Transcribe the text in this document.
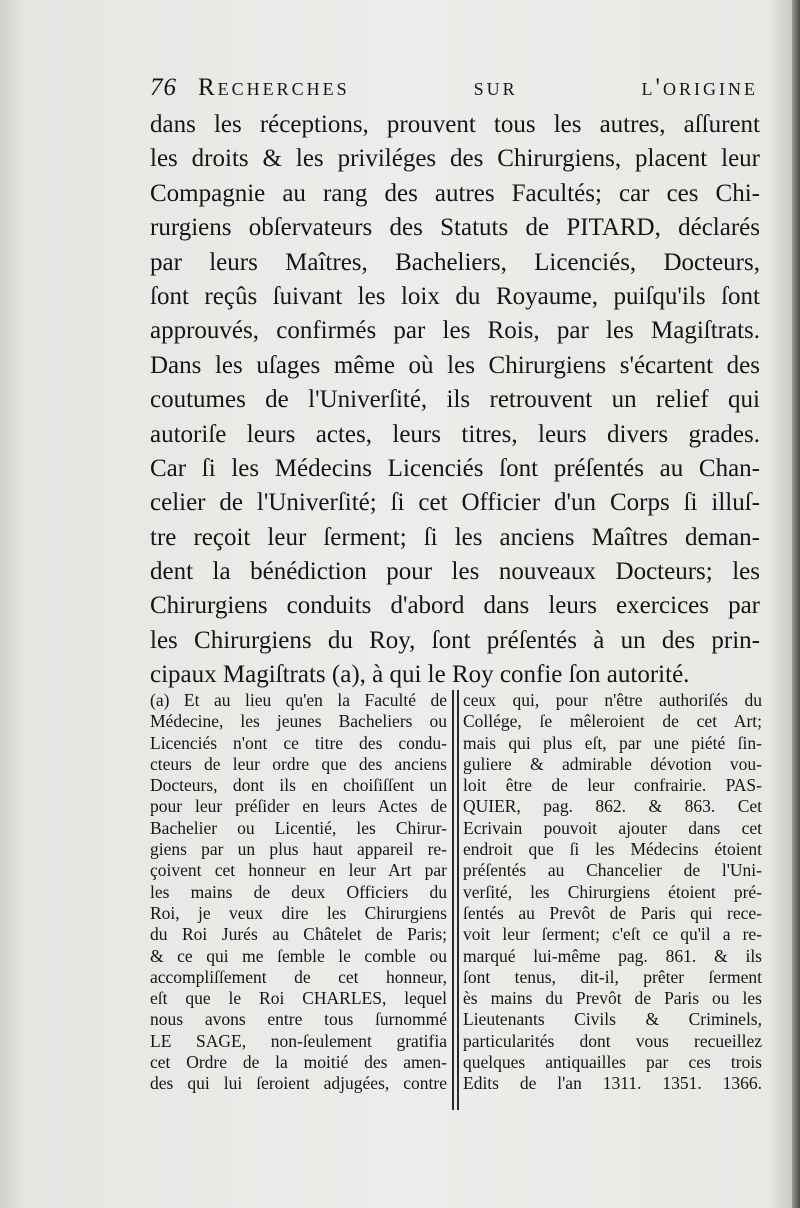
76 Recherches sur l'origine
dans les réceptions, prouvent tous les autres, aſſurent
les droits & les priviléges des Chirurgiens, placent leur
Compagnie au rang des autres Facultés; car ces Chi-
rurgiens obſervateurs des Statuts de PITARD, déclarés
par leurs Maîtres, Bacheliers, Licenciés, Docteurs,
ſont reçûs ſuivant les loix du Royaume, puiſqu'ils ſont
approuvés, confirmés par les Rois, par les Magiſtrats.
Dans les uſages même où les Chirurgiens s'écartent des
coutumes de l'Univerſité, ils retrouvent un relief qui
autoriſe leurs actes, leurs titres, leurs divers grades.
Car ſi les Médecins Licenciés ſont préſentés au Chan-
celier de l'Univerſité; ſi cet Officier d'un Corps ſi illuſ-
tre reçoit leur ſerment; ſi les anciens Maîtres deman-
dent la bénédiction pour les nouveaux Docteurs; les
Chirurgiens conduits d'abord dans leurs exercices par
les Chirurgiens du Roy, ſont préſentés à un des prin-
cipaux Magiſtrats (a), à qui le Roy confie ſon autorité.
(a) Et au lieu qu'en la Faculté de
Médecine, les jeunes Bacheliers ou
Licenciés n'ont ce titre des condu-
cteurs de leur ordre que des anciens
Docteurs, dont ils en choiſiſſent un
pour leur préſider en leurs Actes de
Bachelier ou Licentié, les Chirur-
giens par un plus haut appareil re-
çoivent cet honneur en leur Art par
les mains de deux Officiers du
Roi, je veux dire les Chirurgiens
du Roi Jurés au Châtelet de Paris;
& ce qui me ſemble le comble ou
accompliſſement de cet honneur,
eſt que le Roi CHARLES, lequel
nous avons entre tous ſurnommé
LE SAGE, non-ſeulement gratifia
cet Ordre de la moitié des amen-
des qui lui ſeroient adjugées, contre
ceux qui, pour n'être authoriſés du
Collége, ſe mêleroient de cet Art;
mais qui plus eſt, par une piété ſin-
guliere & admirable dévotion vou-
loit être de leur confrairie. PAS-
QUIER, pag. 862. & 863. Cet
Ecrivain pouvoit ajouter dans cet
endroit que ſi les Médecins étoient
préſentés au Chancelier de l'Uni-
verſité, les Chirurgiens étoient pré-
ſentés au Prevôt de Paris qui rece-
voit leur ſerment; c'eſt ce qu'il a re-
marqué lui-même pag. 861. & ils
ſont tenus, dit-il, prêter ſerment
ès mains du Prevôt de Paris ou les
Lieutenants Civils & Criminels,
particularités dont vous recueillez
quelques antiquailles par ces trois
Edits de l'an 1311. 1351. 1366.
